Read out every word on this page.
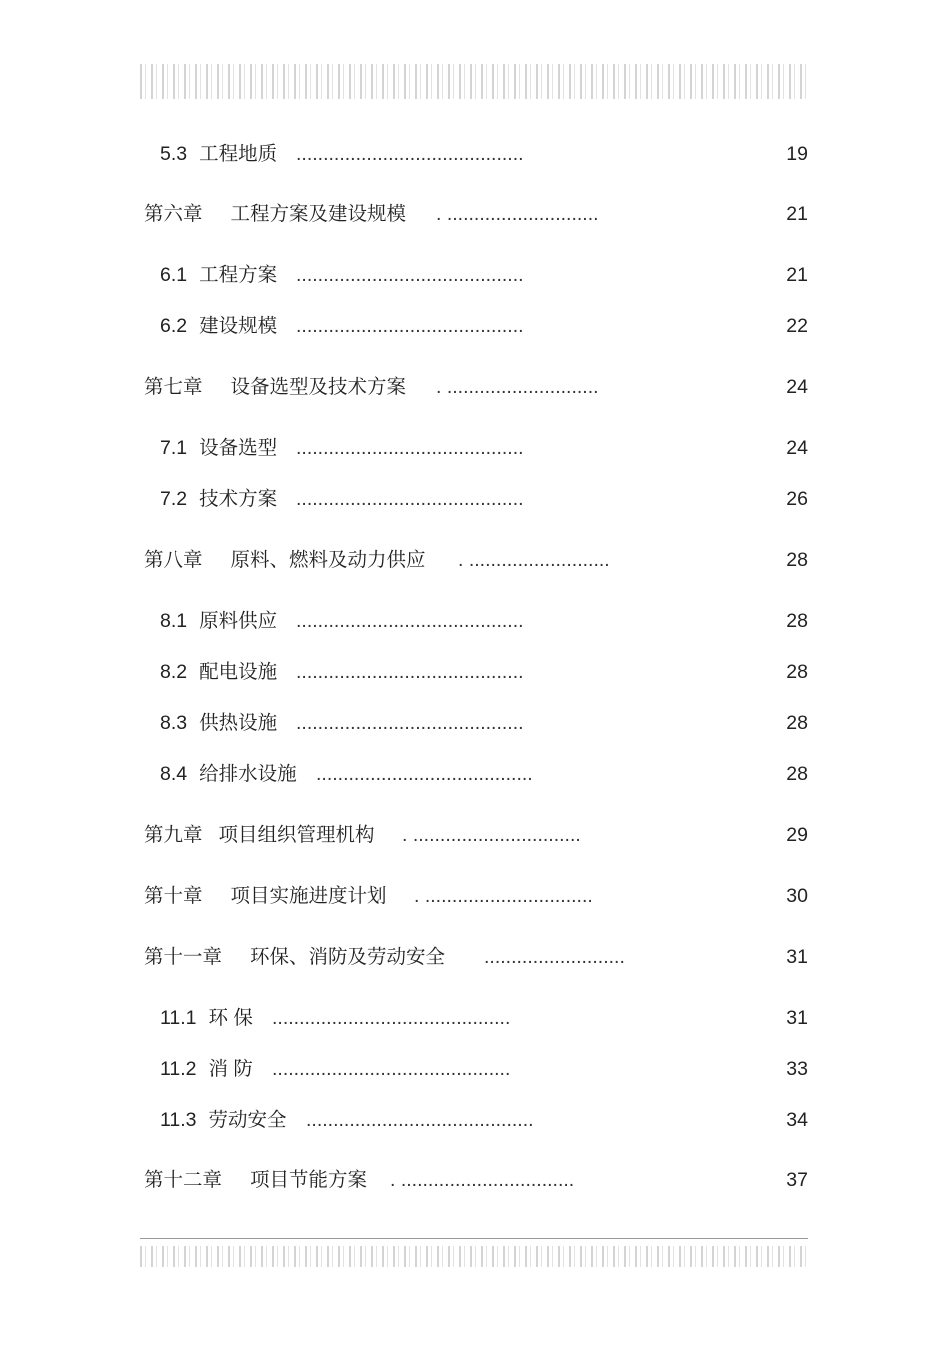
5.3 工程地质 ..........................................	19
第六章 工程方案及建设规模 . ............................	21
6.1 工程方案 ..........................................	21
6.2 建设规模 ..........................................	22
第七章 设备选型及技术方案 . ............................	24
7.1 设备选型 ..........................................	24
7.2 技术方案 ..........................................	26
第八章 原料、燃料及动力供应 . ..........................	28
8.1 原料供应 ..........................................	28
8.2 配电设施 ..........................................	28
8.3 供热设施 ..........................................	28
8.4 给排水设施 ........................................	28
第九章 项目组织管理机构 . ...............................	29
第十章 项目实施进度计划 . ...............................	30
第十一章 环保、消防及劳动安全 ..........................	31
11.1 环 保 ............................................	31
11.2 消 防 ............................................	33
11.3 劳动安全 ..........................................	34
第十二章 项目节能方案 . ................................	37
